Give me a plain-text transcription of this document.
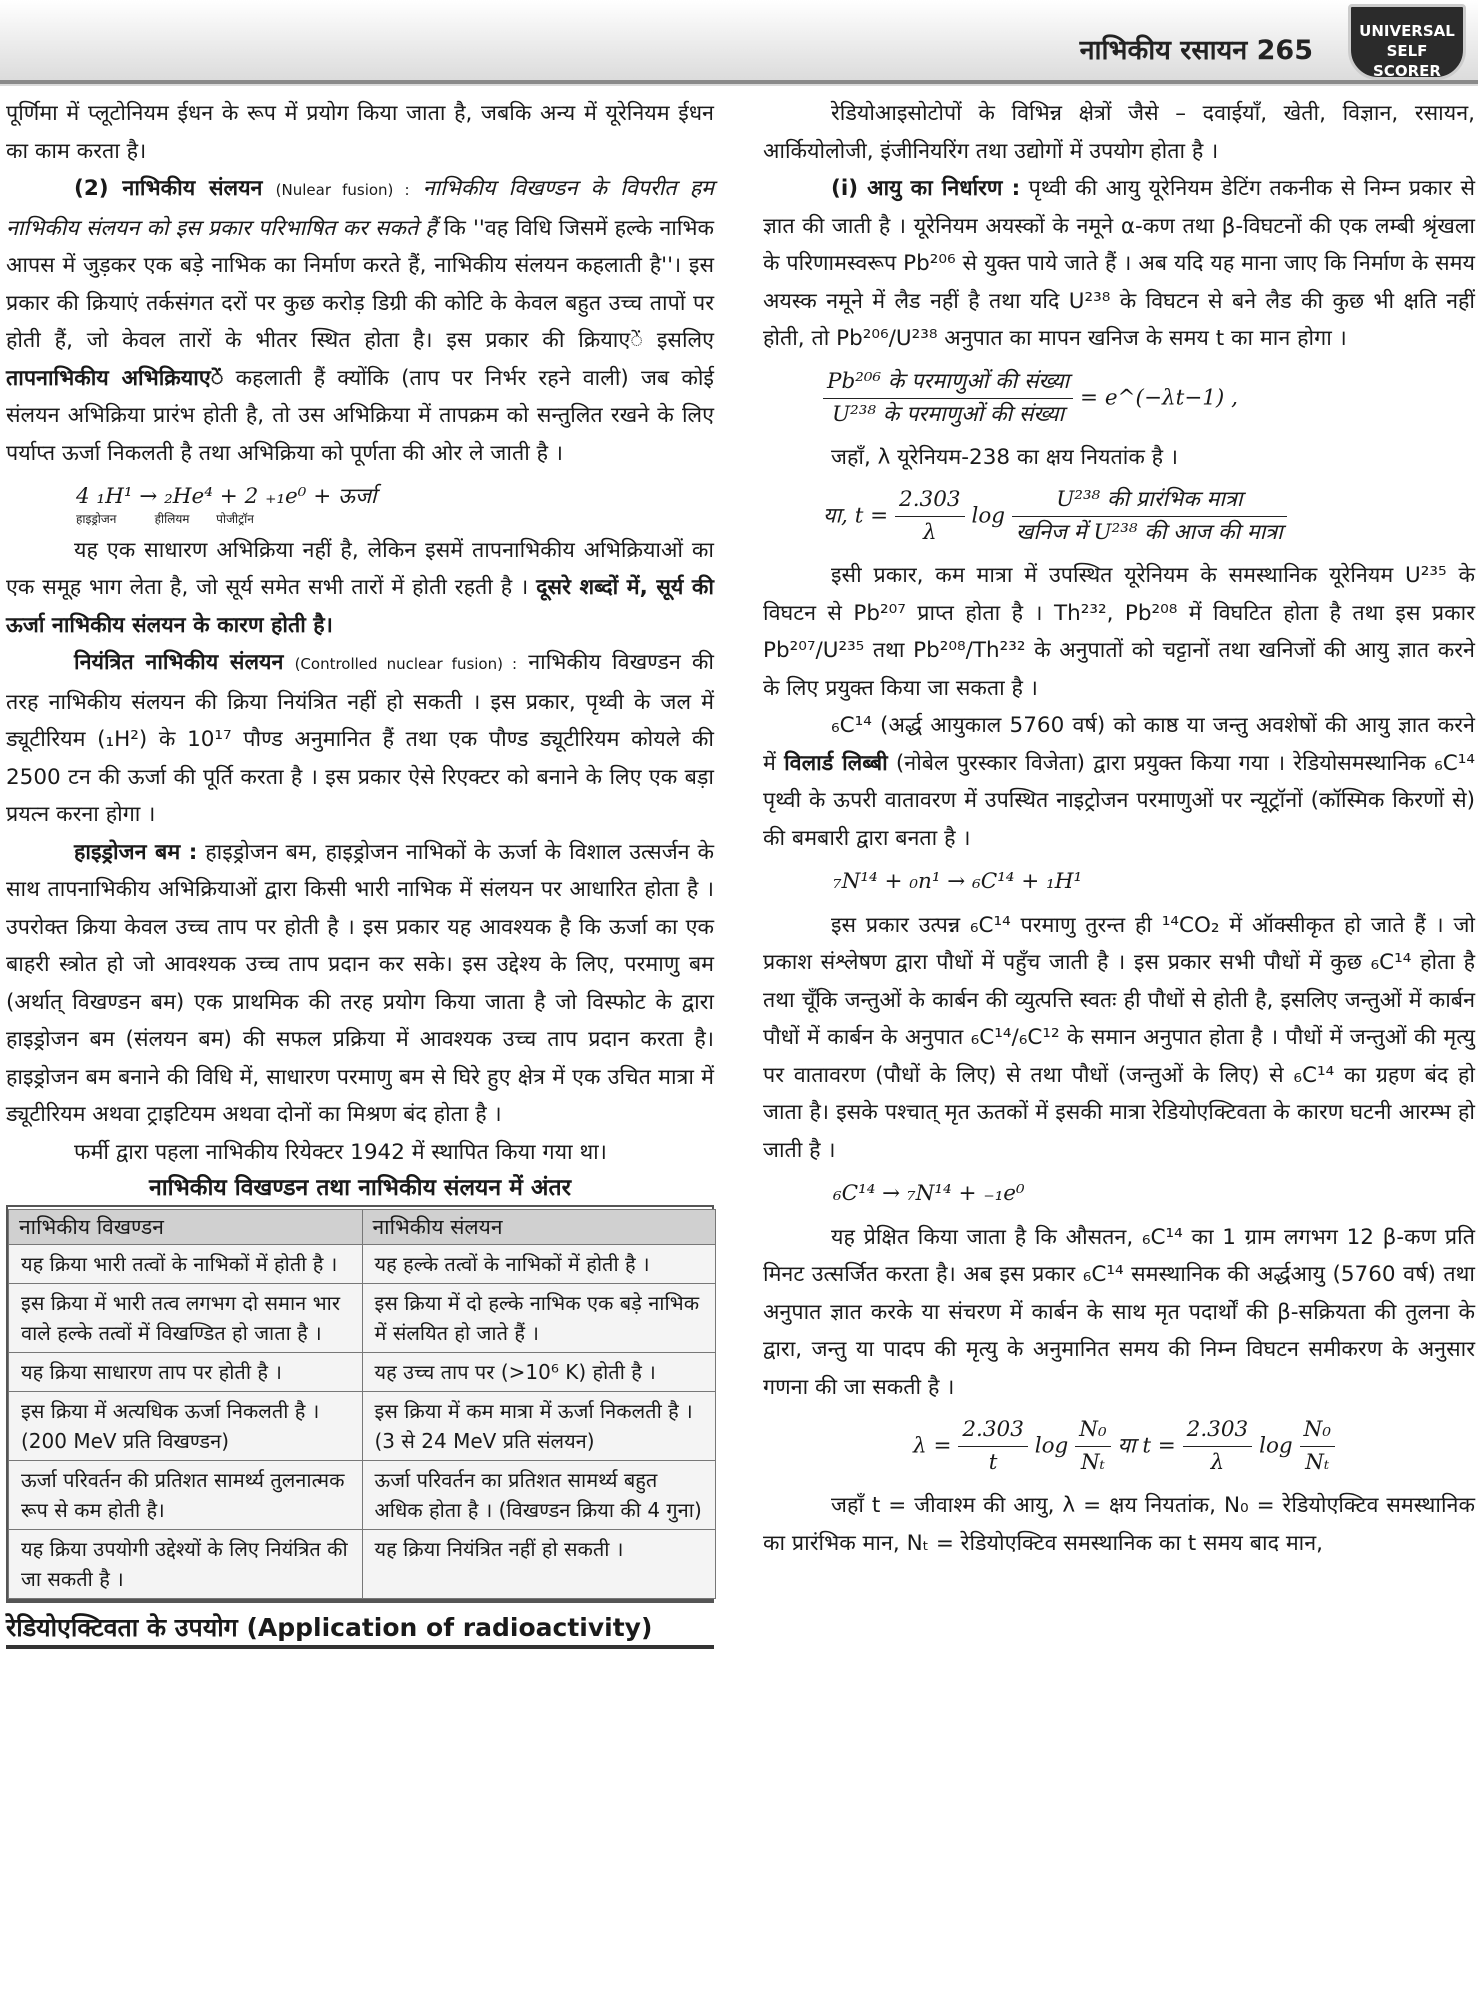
नाभिकीय रसायन 265
UNIVERSAL SELF SCORER

पूर्णिमा में प्लूटोनियम ईधन के रूप में प्रयोग किया जाता है, जबकि अन्य में यूरेनियम ईधन का काम करता है।

(2) नाभिकीय संलयन (Nulear fusion) : नाभिकीय विखण्डन के विपरीत हम नाभिकीय संलयन को इस प्रकार परिभाषित कर सकते हैं कि ''वह विधि जिसमें हल्के नाभिक आपस में जुड़कर एक बड़े नाभिक का निर्माण करते हैं, नाभिकीय संलयन कहलाती है''। इस प्रकार की क्रियाएं तर्कसंगत दरों पर कुछ करोड़ डिग्री की कोटि के केवल बहुत उच्च तापों पर होती हैं, जो केवल तारों के भीतर स्थित होता है। इस प्रकार की क्रियाएें इसलिए तापनाभिकीय अभिक्रियाएें कहलाती हैं क्योंकि (ताप पर निर्भर रहने वाली) जब कोई संलयन अभिक्रिया प्रारंभ होती है, तो उस अभिक्रिया में तापक्रम को सन्तुलित रखने के लिए पर्याप्त ऊर्जा निकलती है तथा अभिक्रिया को पूर्णता की ओर ले जाती है ।

4 ₁H¹ → ₂He⁴ + 2 ₊₁e⁰ + ऊर्जा

हाइड्रोजन          हीलियम       पोजीट्रॉन

यह एक साधारण अभिक्रिया नहीं है, लेकिन इसमें तापनाभिकीय अभिक्रियाओं का एक समूह भाग लेता है, जो सूर्य समेत सभी तारों में होती रहती है । दूसरे शब्दों में, सूर्य की ऊर्जा नाभिकीय संलयन के कारण होती है।

नियंत्रित नाभिकीय संलयन (Controlled nuclear fusion) : नाभिकीय विखण्डन की तरह नाभिकीय संलयन की क्रिया नियंत्रित नहीं हो सकती । इस प्रकार, पृथ्वी के जल में ड्यूटीरियम (₁H²) के 10¹⁷ पौण्ड अनुमानित हैं तथा एक पौण्ड ड्यूटीरियम कोयले की 2500 टन की ऊर्जा की पूर्ति करता है । इस प्रकार ऐसे रिएक्टर को बनाने के लिए एक बड़ा प्रयत्न करना होगा ।

हाइड्रोजन बम : हाइड्रोजन बम, हाइड्रोजन नाभिकों के ऊर्जा के विशाल उत्सर्जन के साथ तापनाभिकीय अभिक्रियाओं द्वारा किसी भारी नाभिक में संलयन पर आधारित होता है । उपरोक्त क्रिया केवल उच्च ताप पर होती है । इस प्रकार यह आवश्यक है कि ऊर्जा का एक बाहरी स्त्रोत हो जो आवश्यक उच्च ताप प्रदान कर सके। इस उद्देश्य के लिए, परमाणु बम (अर्थात् विखण्डन बम) एक प्राथमिक की तरह प्रयोग किया जाता है जो विस्फोट के द्वारा हाइड्रोजन बम (संलयन बम) की सफल प्रक्रिया में आवश्यक उच्च ताप प्रदान करता है। हाइड्रोजन बम बनाने की विधि में, साधारण परमाणु बम से घिरे हुए क्षेत्र में एक उचित मात्रा में ड्यूटीरियम अथवा ट्राइटियम अथवा दोनों का मिश्रण बंद होता है ।

फर्मी द्वारा पहला नाभिकीय रियेक्टर 1942 में स्थापित किया गया था।

नाभिकीय विखण्डन तथा नाभिकीय संलयन में अंतर
नाभिकीय विखण्डन	नाभिकीय संलयन
यह क्रिया भारी तत्वों के नाभिकों में होती है ।	यह हल्के तत्वों के नाभिकों में होती है ।
इस क्रिया में भारी तत्व लगभग दो समान भार वाले हल्के तत्वों में विखण्डित हो जाता है ।	इस क्रिया में दो हल्के नाभिक एक बड़े नाभिक में संलयित हो जाते हैं ।
यह क्रिया साधारण ताप पर होती है ।	यह उच्च ताप पर (>10⁶ K) होती है ।
इस क्रिया में अत्यधिक ऊर्जा निकलती है । (200 MeV प्रति विखण्डन)	इस क्रिया में कम मात्रा में ऊर्जा निकलती है । (3 से 24 MeV प्रति संलयन)
ऊर्जा परिवर्तन की प्रतिशत सामर्थ्य तुलनात्मक रूप से कम होती है।	ऊर्जा परिवर्तन का प्रतिशत सामर्थ्य बहुत अधिक होता है । (विखण्डन क्रिया की 4 गुना)
यह क्रिया उपयोगी उद्देश्यों के लिए नियंत्रित की जा सकती है ।	यह क्रिया नियंत्रित नहीं हो सकती ।
रेडियोएक्टिवता के उपयोग (Application of radioactivity)

रेडियोआइसोटोपों के विभिन्न क्षेत्रों जैसे – दवाईयाँ, खेती, विज्ञान, रसायन, आर्कियोलोजी, इंजीनियरिंग तथा उद्योगों में उपयोग होता है ।

(i) आयु का निर्धारण : पृथ्वी की आयु यूरेनियम डेटिंग तकनीक से निम्न प्रकार से ज्ञात की जाती है । यूरेनियम अयस्कों के नमूने α-कण तथा β-विघटनों की एक लम्बी श्रृंखला के परिणामस्वरूप Pb²⁰⁶ से युक्त पाये जाते हैं । अब यदि यह माना जाए कि निर्माण के समय अयस्क नमूने में लैड नहीं है तथा यदि U²³⁸ के विघटन से बने लैड की कुछ भी क्षति नहीं होती, तो Pb²⁰⁶/U²³⁸ अनुपात का मापन खनिज के समय t का मान होगा ।

$\frac{\text{Pb²⁰⁶ के परमाणुओं की संख्या}}{\text{U²³⁸ के परमाणुओं की संख्या}}$ = e^(−λt−1) ,

जहाँ, λ यूरेनियम-238 का क्षय नियतांक है ।

या, $t = \frac{2.303}{\lambda}$ $\log \frac{\text{U²³⁸ की प्रारंभिक मात्रा}}{\text{खनिज में U²³⁸ की आज की मात्रा}}$

इसी प्रकार, कम मात्रा में उपस्थित यूरेनियम के समस्थानिक यूरेनियम U²³⁵ के विघटन से Pb²⁰⁷ प्राप्त होता है । Th²³², Pb²⁰⁸ में विघटित होता है तथा इस प्रकार Pb²⁰⁷/U²³⁵ तथा Pb²⁰⁸/Th²³² के अनुपातों को चट्टानों तथा खनिजों की आयु ज्ञात करने के लिए प्रयुक्त किया जा सकता है ।

₆C¹⁴ (अर्द्ध आयुकाल 5760 वर्ष) को काष्ठ या जन्तु अवशेषों की आयु ज्ञात करने में विलार्ड लिब्बी (नोबेल पुरस्कार विजेता) द्वारा प्रयुक्त किया गया । रेडियोसमस्थानिक ₆C¹⁴ पृथ्वी के ऊपरी वातावरण में उपस्थित नाइट्रोजन परमाणुओं पर न्यूट्रॉनों (कॉस्मिक किरणों से) की बमबारी द्वारा बनता है ।

₇N¹⁴ + ₀n¹ → ₆C¹⁴ + ₁H¹

इस प्रकार उत्पन्न ₆C¹⁴ परमाणु तुरन्त ही ¹⁴CO₂ में ऑक्सीकृत हो जाते हैं । जो प्रकाश संश्लेषण द्वारा पौधों में पहुँच जाती है । इस प्रकार सभी पौधों में कुछ ₆C¹⁴ होता है तथा चूँकि जन्तुओं के कार्बन की व्युत्पत्ति स्वतः ही पौधों से होती है, इसलिए जन्तुओं में कार्बन पौधों में कार्बन के अनुपात ₆C¹⁴/₆C¹² के समान अनुपात होता है । पौधों में जन्तुओं की मृत्यु पर वातावरण (पौधों के लिए) से तथा पौधों (जन्तुओं के लिए) से ₆C¹⁴ का ग्रहण बंद हो जाता है। इसके पश्चात् मृत ऊतकों में इसकी मात्रा रेडियोएक्टिवता के कारण घटनी आरम्भ हो जाती है ।

₆C¹⁴ → ₇N¹⁴ + ₋₁e⁰

यह प्रेक्षित किया जाता है कि औसतन, ₆C¹⁴ का 1 ग्राम लगभग 12 β-कण प्रति मिनट उत्सर्जित करता है। अब इस प्रकार ₆C¹⁴ समस्थानिक की अर्द्धआयु (5760 वर्ष) तथा अनुपात ज्ञात करके या संचरण में कार्बन के साथ मृत पदार्थों की β-सक्रियता की तुलना के द्वारा, जन्तु या पादप की मृत्यु के अनुमानित समय की निम्न विघटन समीकरण के अनुसार गणना की जा सकती है ।

$\lambda = \frac{2.303}{t}$ $\log \frac{\text{N₀}}{\text{Nₜ}}$ या $t = \frac{2.303}{\lambda}$ $\log \frac{\text{N₀}}{\text{Nₜ}}$

जहाँ t = जीवाश्म की आयु, λ = क्षय नियतांक, N₀ = रेडियोएक्टिव समस्थानिक का प्रारंभिक मान, Nₜ = रेडियोएक्टिव समस्थानिक का t समय बाद मान,
